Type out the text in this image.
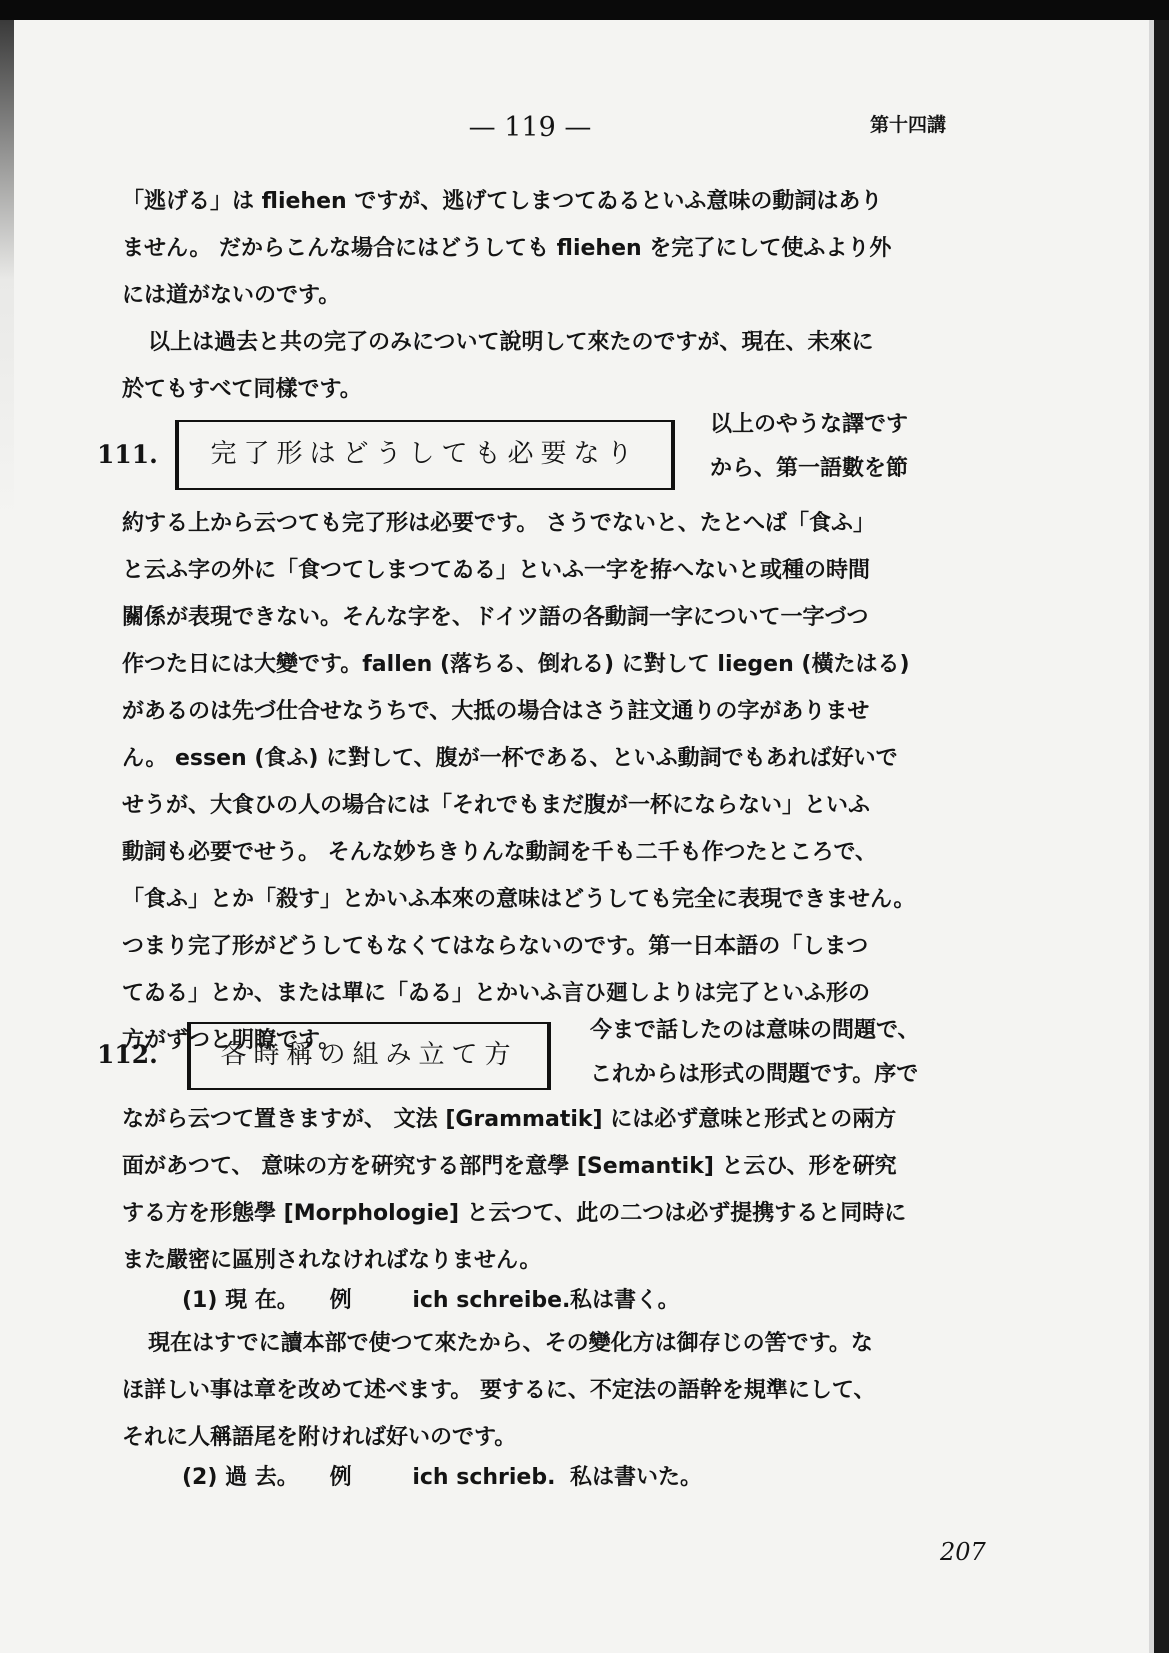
— 119 —	第十四講
「逃げる」は fliehen ですが、逃げてしまつてゐるといふ意味の動詞はあり
ません。 だからこんな場合にはどうしても fliehen を完了にして使ふより外
には道がないのです。
以上は過去と共の完了のみについて說明して來たのですが、現在、未來に
於てもすべて同樣です。
111.	完了形はどうしても必要なり
以上のやうな譯です
から、第一語數を節
約する上から云つても完了形は必要です。 さうでないと、たとへば「食ふ」
と云ふ字の外に「食つてしまつてゐる」といふ一字を拵へないと或種の時間
關係が表現できない。そんな字を、ドイツ語の各動詞一字について一字づつ
作つた日には大變です。fallen (落ちる、倒れる) に對して liegen (橫たはる)
があるのは先づ仕合せなうちで、大抵の場合はさう註文通りの字がありませ
ん。 essen (食ふ) に對して、腹が一杯である、といふ動詞でもあれば好いで
せうが、大食ひの人の場合には「それでもまだ腹が一杯にならない」といふ
動詞も必要でせう。 そんな妙ちきりんな動詞を千も二千も作つたところで、
「食ふ」とか「殺す」とかいふ本來の意味はどうしても完全に表現できません。
つまり完了形がどうしてもなくてはならないのです。第一日本語の「しまつ
てゐる」とか、または單に「ゐる」とかいふ言ひ廻しよりは完了といふ形の
方がずつと明瞭です。
112.	各時稱の組み立て方
今まで話したのは意味の問題で、
これからは形式の問題です。序で
ながら云つて置きますが、 文法 [Grammatik] には必ず意味と形式との兩方
面があつて、 意味の方を硏究する部門を意學 [Semantik] と云ひ、形を硏究
する方を形態學 [Morphologie] と云つて、此の二つは必ず提携すると同時に
また嚴密に區別されなければなりません。
(1) 現 在。 例	ich schreibe. 私は書く。
現在はすでに讀本部で使つて來たから、その變化方は御存じの筈です。な
ほ詳しい事は章を改めて述べます。 要するに、不定法の語幹を規準にして、
それに人稱語尾を附ければ好いのです。
(2) 過 去。 例	ich schrieb. 私は書いた。
207
